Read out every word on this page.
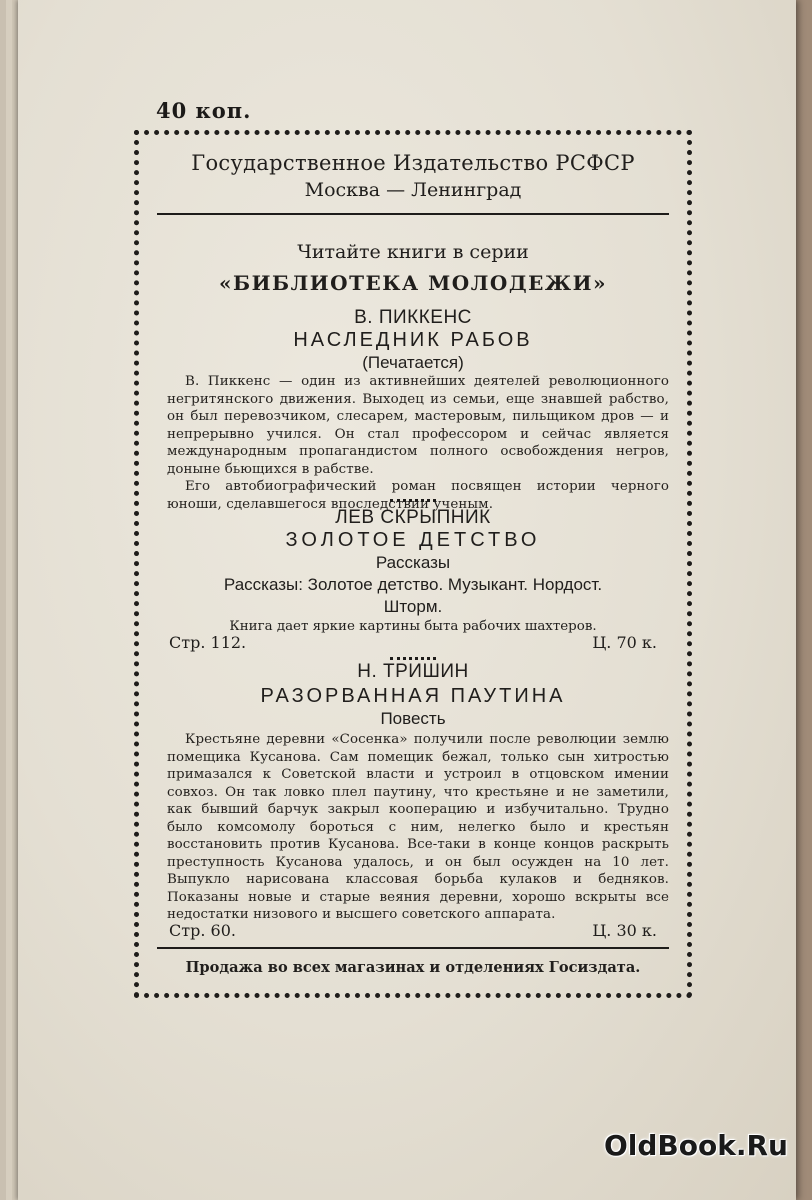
40 коп.

Государственное Издательство РСФСР

Москва — Ленинград

Читайте книги в серии

«БИБЛИОТЕКА МОЛОДЕЖИ»

В. ПИККЕНС

НАСЛЕДНИК РАБОВ

(Печатается)

В. Пиккенс — один из активнейших деятелей революционного негритянского движения. Выходец из семьи, еще знавшей рабство, он был перевозчиком, слесарем, мастеровым, пильщиком дров — и непрерывно учился. Он стал профессором и сейчас является международным пропагандистом полного освобождения негров, доныне бьющихся в рабстве.
Его автобиографический роман посвящен истории черного юноши, сделавшегося впоследствии ученым.

ЛЕВ СКРЫПНИК

ЗОЛОТОЕ ДЕТСТВО

Рассказы

Рассказы: Золотое детство. Музыкант. Нордост.

Шторм.

Книга дает яркие картины быта рабочих шахтеров.

Стр. 112.	Ц. 70 к.

Н. ТРИШИН

РАЗОРВАННАЯ ПАУТИНА

Повесть

Крестьяне деревни «Сосенка» получили после революции землю помещика Кусанова. Сам помещик бежал, только сын хитростью примазался к Советской власти и устроил в отцовском имении совхоз. Он так ловко плел паутину, что крестьяне и не заметили, как бывший барчук закрыл кооперацию и избучитально. Трудно было комсомолу бороться с ним, нелегко было и крестьян восстановить против Кусанова. Все-таки в конце концов раскрыть преступность Кусанова удалось, и он был осужден на 10 лет. Выпукло нарисована классовая борьба кулаков и бедняков. Показаны новые и старые веяния деревни, хорошо вскрыты все недостатки низового и высшего советского аппарата.

Стр. 60.	Ц. 30 к.

Продажа во всех магазинах и отделениях Госиздата.

OldBook.Ru
